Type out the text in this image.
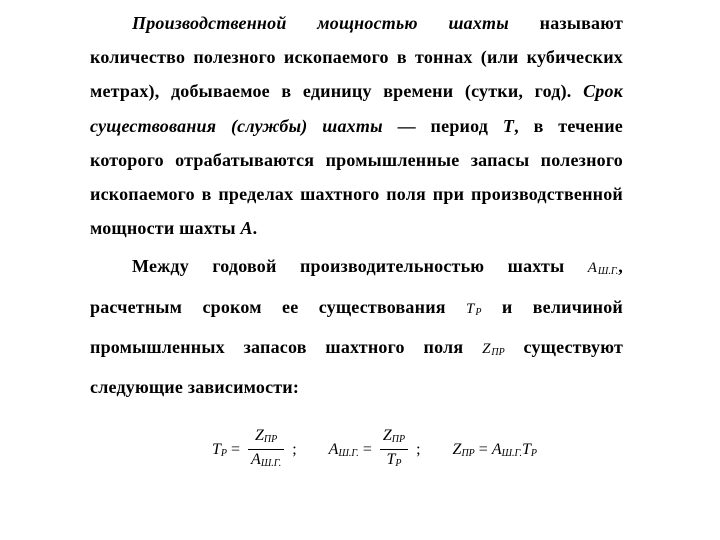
Производственной мощностью шахты называют количество полезного ископаемого в тоннах (или кубических метрах), добываемое в единицу времени (сутки, год). Срок существования (службы) шахты — период T, в течение которого отрабатываются промышленные запасы полезного ископаемого в пределах шахтного поля при производственной мощности шахты A.

Между годовой производительностью шахты $A_{Ш.Г.}$, расчетным сроком ее существования $T_P$ и величиной промышленных запасов шахтного поля $Z_{ПР}$ существуют следующие зависимости:

$T_P = \frac{Z_{ПР}}{A_{Ш.Г.}}$ ; $A_{Ш.Г.} = \frac{Z_{ПР}}{T_P}$ ; $Z_{ПР} = A_{Ш.Г.}T_P$
